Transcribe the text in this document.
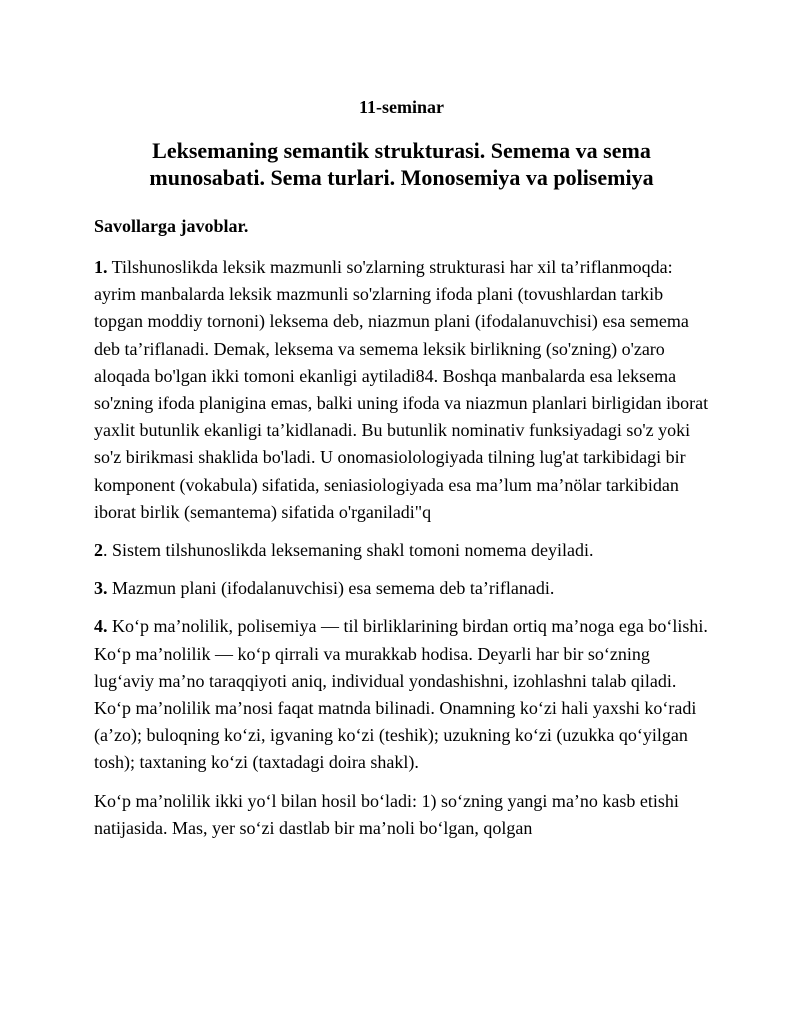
11-seminar
Leksemaning semantik strukturasi. Semema va sema
munosabati. Sema turlari. Monosemiya va polisemiya
Savollarga javoblar.

1. Tilshunoslikda leksik mazmunli so'zlarning strukturasi har xil ta’riflanmoqda: ayrim manbalarda leksik mazmunli so'zlarning ifoda plani (tovushlardan tarkib topgan moddiy tornoni) leksema deb, niazmun plani (ifodalanuvchisi) esa semema deb ta’riflanadi. Demak, leksema va semema leksik birlikning (so'zning) o'zaro aloqada bo'lgan ikki tomoni ekanligi aytiladi84. Boshqa manbalarda esa leksema so'zning ifoda planigina emas, balki uning ifoda va niazmun planlari birligidan iborat yaxlit butunlik ekanligi ta’kidlanadi. Bu butunlik nominativ funksiyadagi so'z yoki so'z birikmasi shaklida bo'ladi. U onomasiolologiyada tilning lug'at tarkibidagi bir komponent (vokabula) sifatida, seniasiologiyada esa ma’lum ma’nölar tarkibidan iborat birlik (semantema) sifatida o'rganiladi"q

2. Sistem tilshunoslikda leksemaning shakl tomoni nomema deyiladi.

3. Mazmun plani (ifodalanuvchisi) esa semema deb ta’riflanadi.

4. Ko‘p ma’nolilik, polisemiya — til birliklarining birdan ortiq ma’noga ega bo‘lishi. Ko‘p ma’nolilik — ko‘p qirrali va murakkab hodisa. Deyarli har bir so‘zning lug‘aviy ma’no taraqqiyoti aniq, individual yondashishni, izohlashni talab qiladi. Ko‘p ma’nolilik ma’nosi faqat matnda bilinadi. Onamning ko‘zi hali yaxshi ko‘radi (a’zo); buloqning ko‘zi, igvaning ko‘zi (teshik); uzukning ko‘zi (uzukka qo‘yilgan tosh); taxtaning ko‘zi (taxtadagi doira shakl).

Ko‘p ma’nolilik ikki yo‘l bilan hosil bo‘ladi: 1) so‘zning yangi ma’no kasb etishi natijasida. Mas, yer so‘zi dastlab bir ma’noli bo‘lgan, qolgan
